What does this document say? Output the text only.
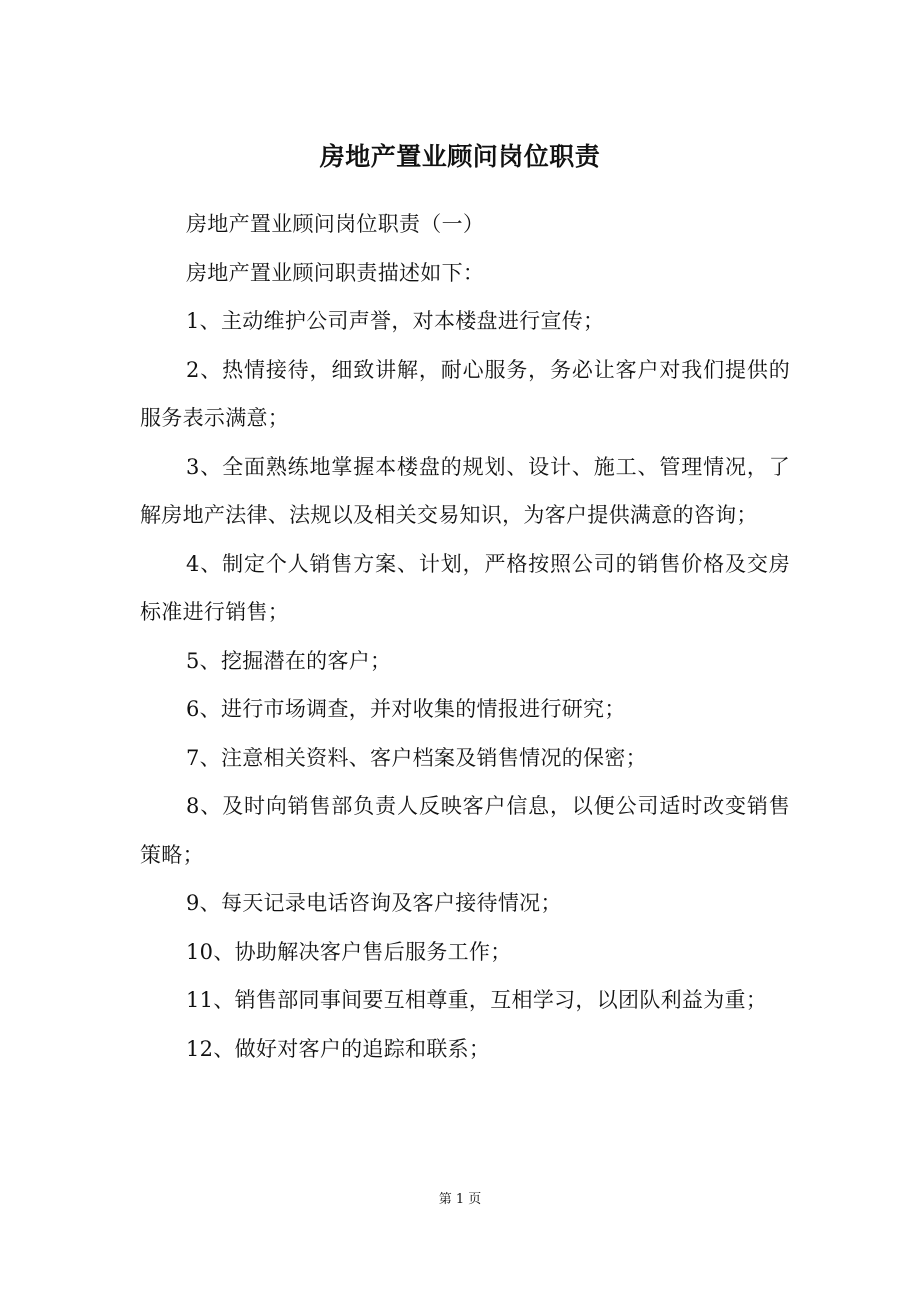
房地产置业顾问岗位职责

房地产置业顾问岗位职责（一）

房地产置业顾问职责描述如下：

1、主动维护公司声誉，对本楼盘进行宣传；

2、热情接待，细致讲解，耐心服务，务必让客户对我们提供的服务表示满意；

3、全面熟练地掌握本楼盘的规划、设计、施工、管理情况，了解房地产法律、法规以及相关交易知识，为客户提供满意的咨询；

4、制定个人销售方案、计划，严格按照公司的销售价格及交房标准进行销售；

5、挖掘潜在的客户；

6、进行市场调查，并对收集的情报进行研究；

7、注意相关资料、客户档案及销售情况的保密；

8、及时向销售部负责人反映客户信息，以便公司适时改变销售策略；

9、每天记录电话咨询及客户接待情况；

10、协助解决客户售后服务工作；

11、销售部同事间要互相尊重，互相学习，以团队利益为重；

12、做好对客户的追踪和联系；

第 1 页
